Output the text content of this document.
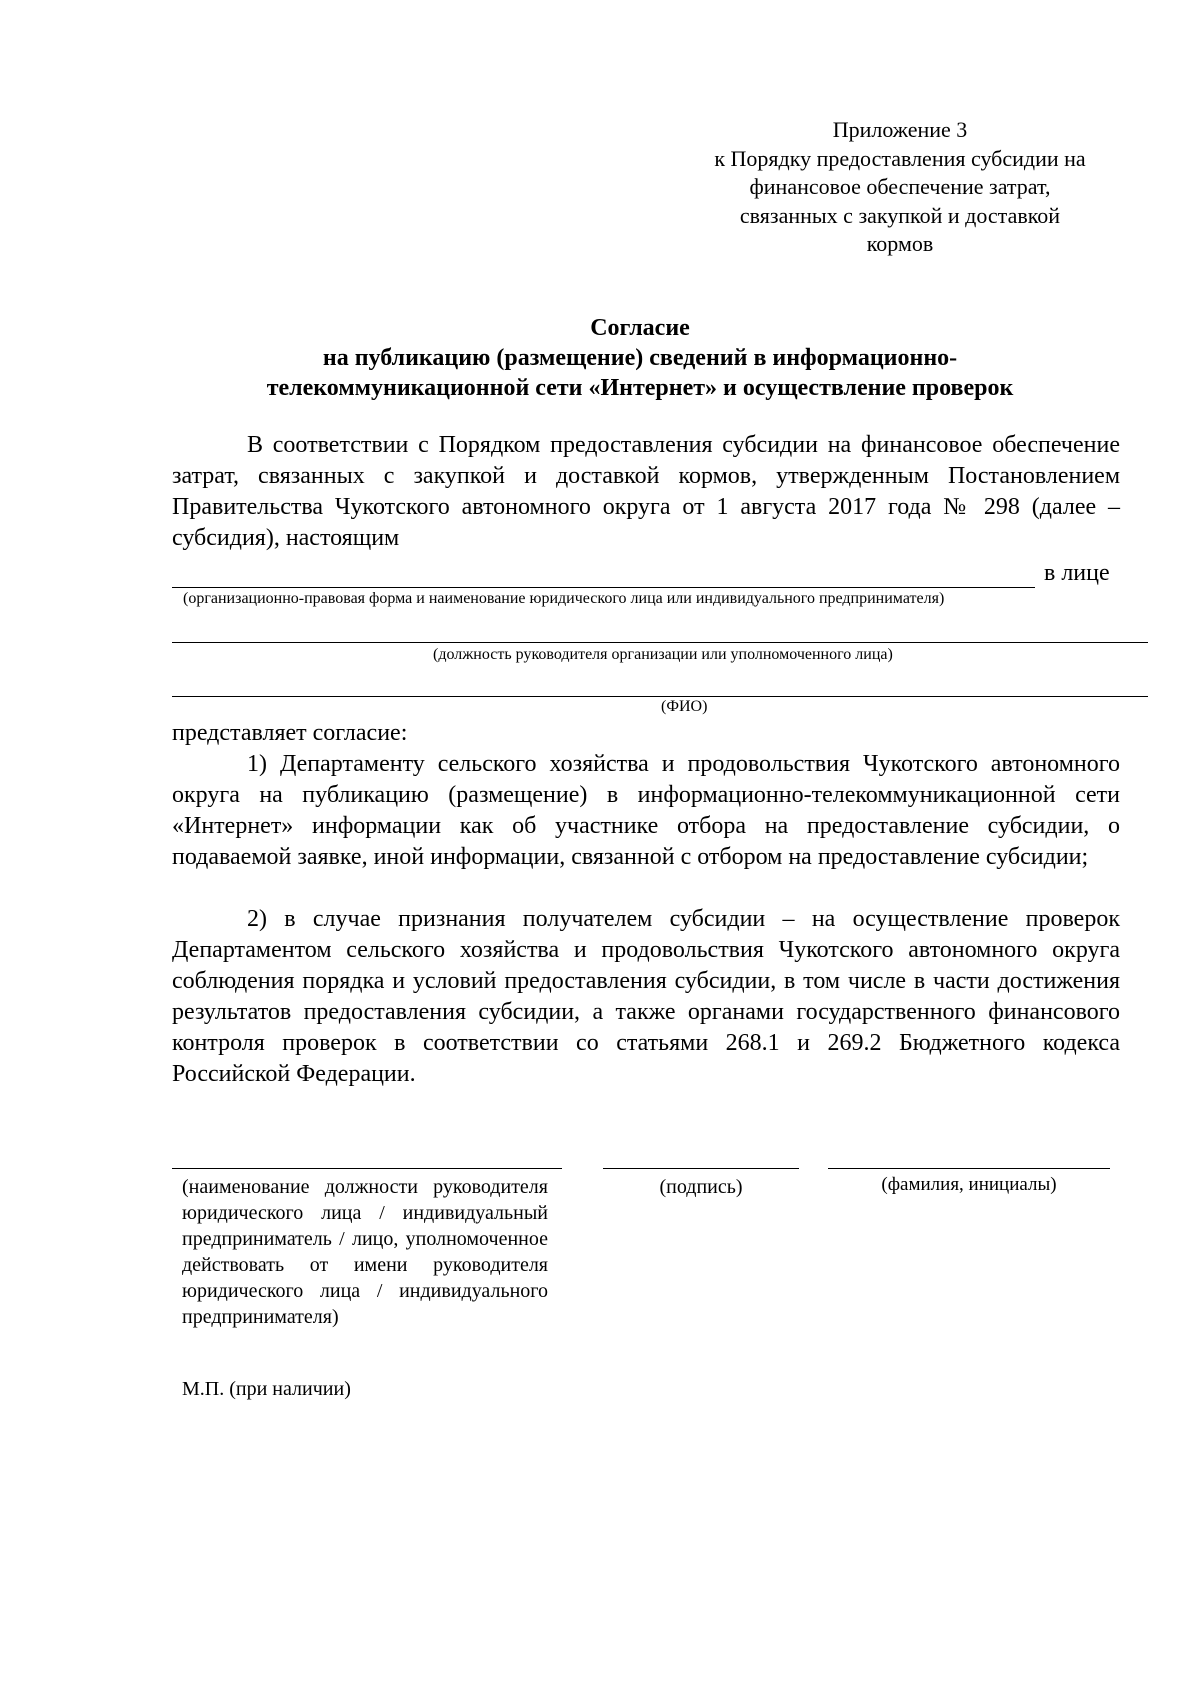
Приложение 3
к Порядку предоставления субсидии на
финансовое обеспечение затрат,
связанных с закупкой и доставкой
кормов
Согласие
на публикацию (размещение) сведений в информационно-
телекоммуникационной сети «Интернет» и осуществление проверок
В соответствии с Порядком предоставления субсидии на финансовое обеспечение затрат, связанных с закупкой и доставкой кормов, утвержденным Постановлением Правительства Чукотского автономного округа от 1 августа 2017 года № 298 (далее – субсидия), настоящим
в лице
(организационно-правовая форма и наименование юридического лица или индивидуального предпринимателя)
(должность руководителя организации или уполномоченного лица)
(ФИО)
представляет согласие:
1) Департаменту сельского хозяйства и продовольствия Чукотского автономного округа на публикацию (размещение) в информационно-телекоммуникационной сети «Интернет» информации как об участнике отбора на предоставление субсидии, о подаваемой заявке, иной информации, связанной с отбором на предоставление субсидии;
2) в случае признания получателем субсидии – на осуществление проверок Департаментом сельского хозяйства и продовольствия Чукотского автономного округа соблюдения порядка и условий предоставления субсидии, в том числе в части достижения результатов предоставления субсидии, а также органами государственного финансового контроля проверок в соответствии со статьями 268.1 и 269.2 Бюджетного кодекса Российской Федерации.
(наименование должности руководителя юридического лица / индивидуальный предприниматель / лицо, уполномоченное действовать от имени руководителя юридического лица / индивидуального предпринимателя)
(подпись)	(фамилия, инициалы)
М.П. (при наличии)
